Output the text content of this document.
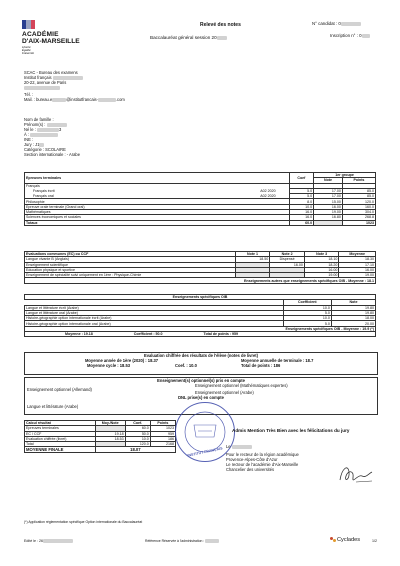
ACADÉMIE
D'AIX-MARSEILLE
Liberté
Égalité
Fraternité
Relevé des notes
Baccalauréat général session 20
N° candidat : 0
Inscription n° : 0
SCAC - Bureau des examens
Institut français
20-22, avenue de Paris
Tél. :
Mail. : bureau.e	@institutfrancais-	.com
Nom de famille :
Prénom(s) :
Né le :	3
À :
INE :
Jury : J1
Catégorie : SCOLAIRE
Section internationale : - Arabe
Epreuves terminales	Coef	1er groupe	
		Note	Points
Français			
Français écrit A02 2020	5.0	17.00	85.0
Français oral A02 2020	5.0	17.00	85.0
Philosophie	8.0	15.00	120.0
Epreuve orale terminale (Grand oral)	10.0	16.00	160.0
Mathématiques	16.0	19.00	304.0
Sciences économiques et sociales	16.0	16.80	268.8
Totaux	60.0		1023
Evaluations communes (EC) ou CCF	Note 1	Note 2	Note 3	Moyenne
Langue vivante B (Anglais)	18.50	Dispensé	18.10	18.30
Enseignement scientifique		16.00	18.20	17.10
Education physique et sportive			16.00	16.00
Enseignement de spécialité suivi uniquement en 1ère : Physique-Chimie			19.00	19.00
Enseignements autres que enseignements spécifiques OIB - Moyenne : 18.1				
Enseignements spécifiques OIB		
	Coefficient	Note
Langue et littérature écrit (Arabe)	10.0	19.80
Langue et littérature oral (Arabe)	5.0	19.80
Histoire-géographie option internationale écrit (Arabe)	10.0	18.00
Histoire-géographie option internationale oral (Arabe)	5.0	20.00
Enseignements spécifiques OIB - Moyenne : 19.9 (*)		
Moyenne : 19.18 Coefficient : 50.0 Total de points : 959		
Evaluation chiffrée des résultats de l'élève (notes de livret)
Moyenne année de 1ère (2020) : 18.37	Moyenne annuelle de terminale : 18.7
Moyenne cycle : 18.53	Coef. : 10.0	Total de points : 186
Enseignement(s) optionnel(s) pris en compte
Enseignement optionnel (Mathématiques expertes)
Enseignement optionnel (Allemand)
Enseignement optionnel (Arabe)
DNL prise(s) en compte
Langue et littérature (Arabe)
Calcul résultat	Moy./Note	Coef.	Points
Epreuves terminales		60.0	1023
EC / CCF	19.18	50.0	959
Evaluation chiffrée (livret)	18.53	10.0	186
Total		120.0	2168
MOYENNE FINALE	18.07			INSTITUT FRANÇAIS
Admis Mention Très Bien avec les félicitations du jury
Le
Pour le recteur de la région académique
Provence-Alpes-Côte d'Azur
Le recteur de l'académie d'Aix-Marseille
Chancelier des universités
(*) Application réglementation spécifique Option internationale du Baccalauréat
Edité le : 26	Référence Réservée à l'administration :	Cyclades	1/2
